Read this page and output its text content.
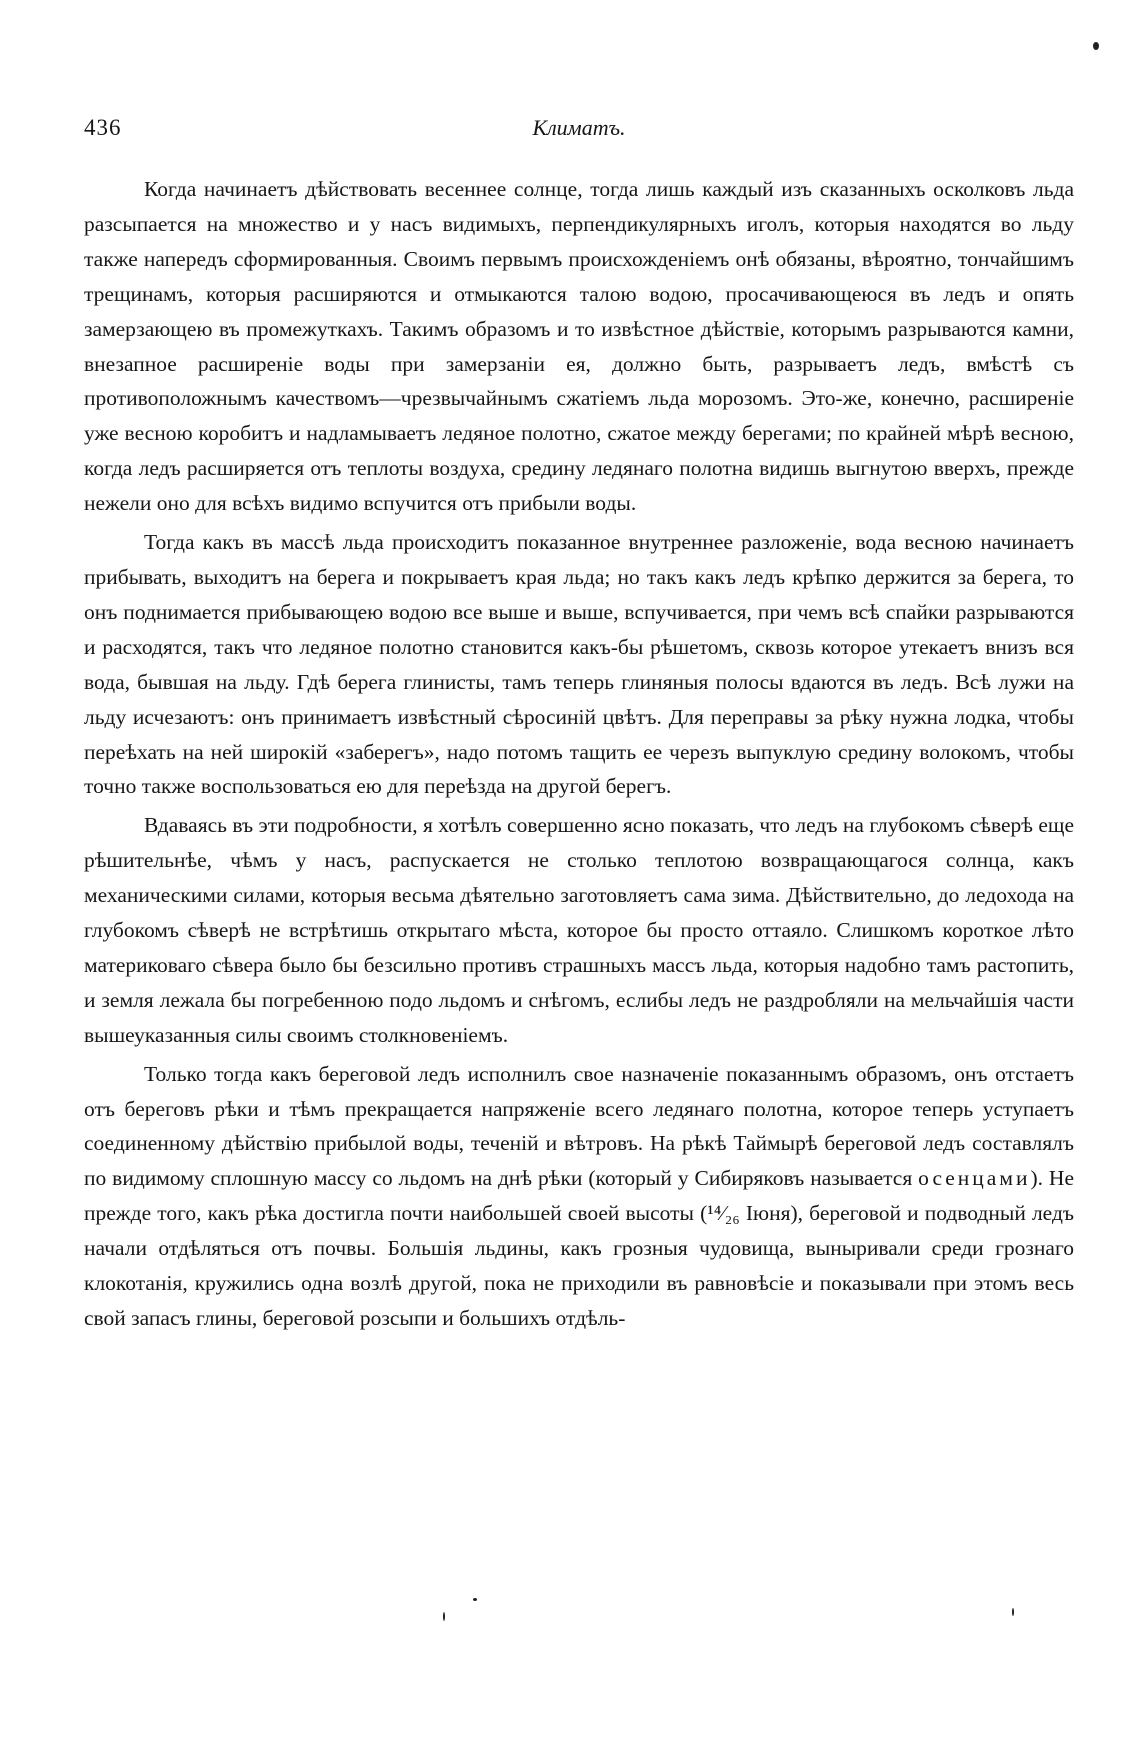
436	Климатъ.

Когда начинаетъ дѣйствовать весеннее солнце, тогда лишь каждый изъ сказанныхъ осколковъ льда разсыпается на множество и у насъ видимыхъ, перпендикулярныхъ иголъ, которыя находятся во льду также напередъ сформированныя. Своимъ первымъ происхожденіемъ онѣ обязаны, вѣроятно, тончайшимъ трещинамъ, которыя расширяются и отмыкаются талою водою, просачивающеюся въ ледъ и опять замерзающею въ промежуткахъ. Такимъ образомъ и то извѣстное дѣйствіе, которымъ разрываются камни, внезапное расширеніе воды при замерзаніи ея, должно быть, разрываетъ ледъ, вмѣстѣ съ противоположнымъ качествомъ—чрезвычайнымъ сжатіемъ льда морозомъ. Это-же, конечно, расширеніе уже весною коробитъ и надламываетъ ледяное полотно, сжатое между берегами; по крайней мѣрѣ весною, когда ледъ расширяется отъ теплоты воздуха, средину ледянаго полотна видишь выгнутою вверхъ, прежде нежели оно для всѣхъ видимо вспучится отъ прибыли воды.

Тогда какъ въ массѣ льда происходитъ показанное внутреннее разложеніе, вода весною начинаетъ прибывать, выходитъ на берега и покрываетъ края льда; но такъ какъ ледъ крѣпко держится за берега, то онъ поднимается прибывающею водою все выше и выше, вспучивается, при чемъ всѣ спайки разрываются и расходятся, такъ что ледяное полотно становится какъ-бы рѣшетомъ, сквозь которое утекаетъ внизъ вся вода, бывшая на льду. Гдѣ берега глинисты, тамъ теперь глиняныя полосы вдаются въ ледъ. Всѣ лужи на льду исчезаютъ: онъ принимаетъ извѣстный сѣросиній цвѣтъ. Для переправы за рѣку нужна лодка, чтобы переѣхать на ней широкій «заберегъ», надо потомъ тащить ее черезъ выпуклую средину волокомъ, чтобы точно также воспользоваться ею для переѣзда на другой берегъ.

Вдаваясь въ эти подробности, я хотѣлъ совершенно ясно показать, что ледъ на глубокомъ сѣверѣ еще рѣшительнѣе, чѣмъ у насъ, распускается не столько теплотою возвращающагося солнца, какъ механическими силами, которыя весьма дѣятельно заготовляетъ сама зима. Дѣйствительно, до ледохода на глубокомъ сѣверѣ не встрѣтишь открытаго мѣста, которое бы просто оттаяло. Слишкомъ короткое лѣто материковаго сѣвера было бы безсильно противъ страшныхъ массъ льда, которыя надобно тамъ растопить, и земля лежала бы погребенною подо льдомъ и снѣгомъ, еслибы ледъ не раздробляли на мельчайшія части вышеуказанныя силы своимъ столкновеніемъ.

Только тогда какъ береговой ледъ исполнилъ свое назначеніе показаннымъ образомъ, онъ отстаетъ отъ береговъ рѣки и тѣмъ прекращается напряженіе всего ледянаго полотна, которое теперь уступаетъ соединенному дѣйствію прибылой воды, теченій и вѣтровъ. На рѣкѣ Таймырѣ береговой ледъ составлялъ по видимому сплошную массу со льдомъ на днѣ рѣки (который у Сибиряковъ называется осенцами). Не прежде того, какъ рѣка достигла почти наибольшей своей высоты (¹⁴⁄₂₆ Іюня), береговой и подводный ледъ начали отдѣляться отъ почвы. Большія льдины, какъ грозныя чудовища, выныривали среди грознаго клокотанія, кружились одна возлѣ другой, пока не приходили въ равновѣсіе и показывали при этомъ весь свой запасъ глины, береговой розсыпи и большихъ отдѣль-
